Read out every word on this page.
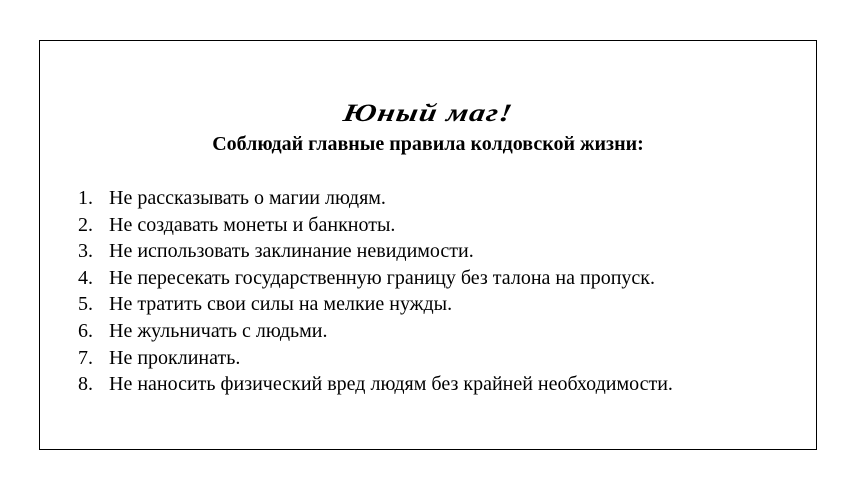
Юный маг!
Соблюдай главные правила колдовской жизни:
1. Не рассказывать о магии людям.
2. Не создавать монеты и банкноты.
3. Не использовать заклинание невидимости.
4. Не пересекать государственную границу без талона на пропуск.
5. Не тратить свои силы на мелкие нужды.
6. Не жульничать с людьми.
7. Не проклинать.
8. Не наносить физический вред людям без крайней необходимости.
